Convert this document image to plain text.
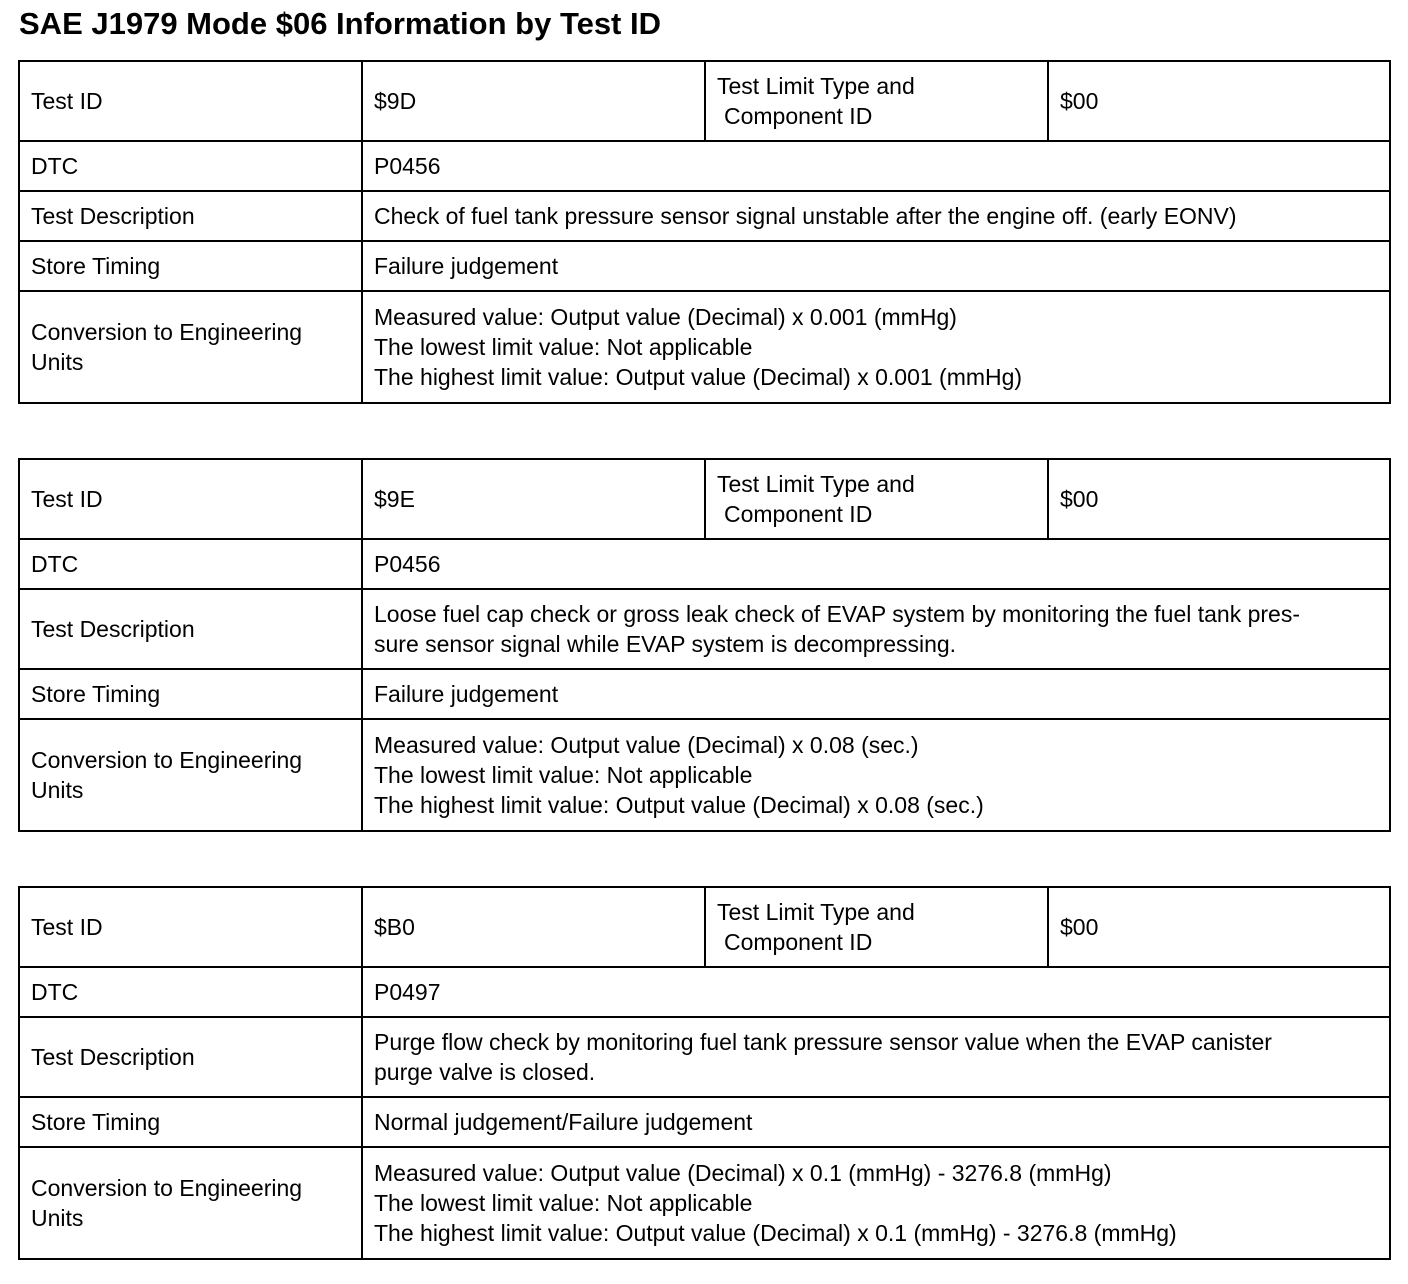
SAE J1979 Mode $06 Information by Test ID
Test ID	$9D	Test Limit Type and
Component ID	$00
DTC	P0456		
Test Description	Check of fuel tank pressure sensor signal unstable after the engine off. (early EONV)		

Store Timing	Failure judgement		

Conversion to Engineering
Units	Measured value: Output value (Decimal) x 0.001 (mmHg)
The lowest limit value: Not applicable
The highest limit value: Output value (Decimal) x 0.001 (mmHg)		
Test ID	$9E	Test Limit Type and
Component ID	$00
DTC	P0456		
Test Description	Loose fuel cap check or gross leak check of EVAP system by monitoring the fuel tank pres-
sure sensor signal while EVAP system is decompressing.		

Store Timing	Failure judgement		

Conversion to Engineering
Units	Measured value: Output value (Decimal) x 0.08 (sec.)
The lowest limit value: Not applicable
The highest limit value: Output value (Decimal) x 0.08 (sec.)		
Test ID	$B0	Test Limit Type and
Component ID	$00
DTC	P0497		
Test Description	Purge flow check by monitoring fuel tank pressure sensor value when the EVAP canister
purge valve is closed.		

Store Timing	Normal judgement/Failure judgement		

Conversion to Engineering
Units	Measured value: Output value (Decimal) x 0.1 (mmHg) - 3276.8 (mmHg)
The lowest limit value: Not applicable
The highest limit value: Output value (Decimal) x 0.1 (mmHg) - 3276.8 (mmHg)		
